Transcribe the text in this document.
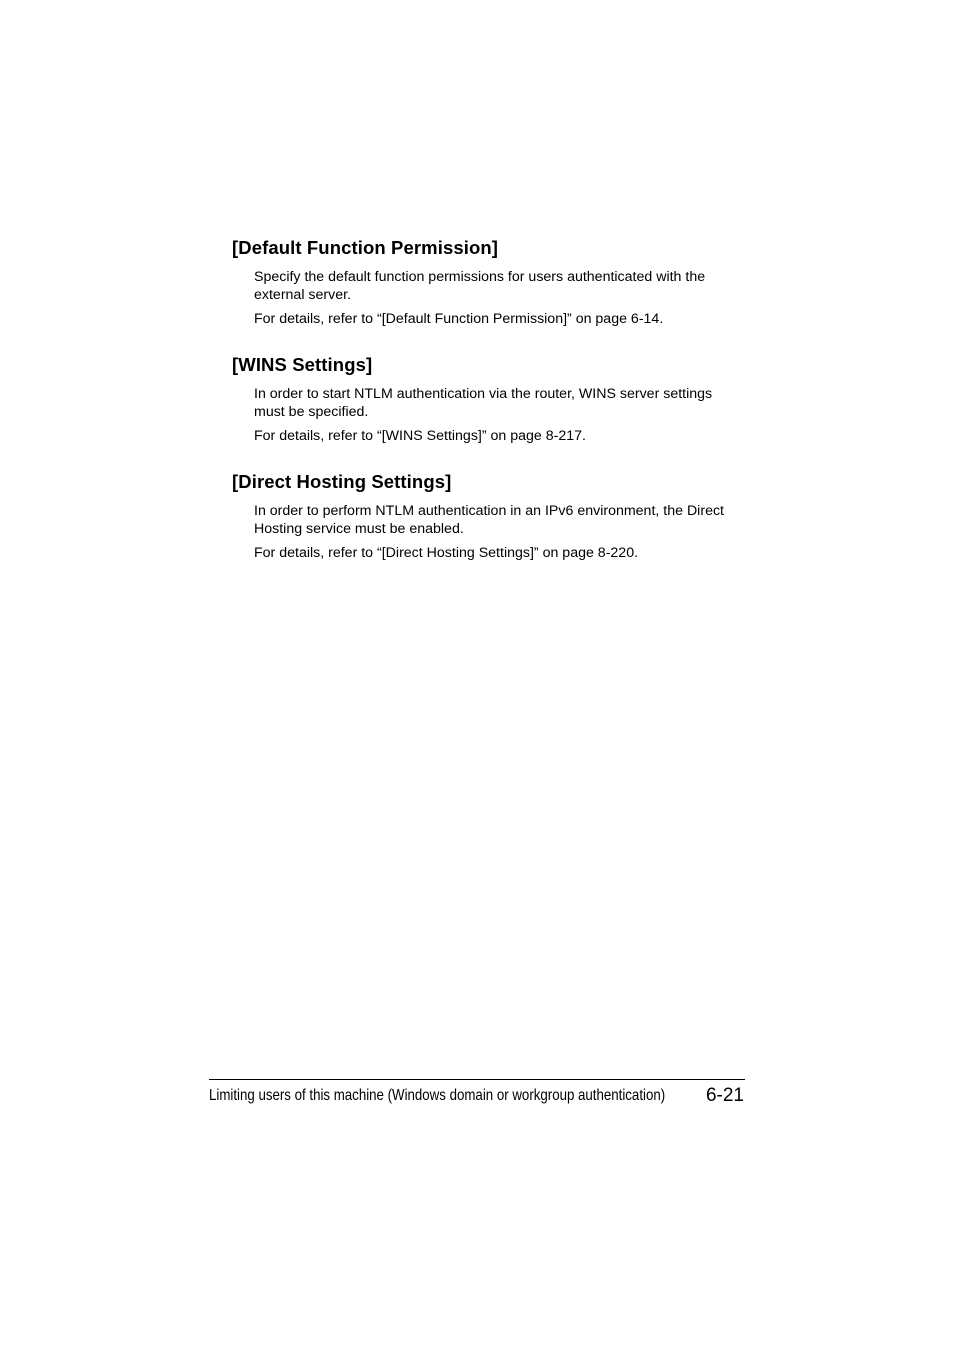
[Default Function Permission]

Specify the default function permissions for users authenticated with the external server.

For details, refer to “[Default Function Permission]” on page 6-14.

[WINS Settings]

In order to start NTLM authentication via the router, WINS server settings must be specified.

For details, refer to “[WINS Settings]” on page 8-217.

[Direct Hosting Settings]

In order to perform NTLM authentication in an IPv6 environment, the Direct Hosting service must be enabled.

For details, refer to “[Direct Hosting Settings]” on page 8-220.

Limiting users of this machine (Windows domain or workgroup authentication) 6-21
